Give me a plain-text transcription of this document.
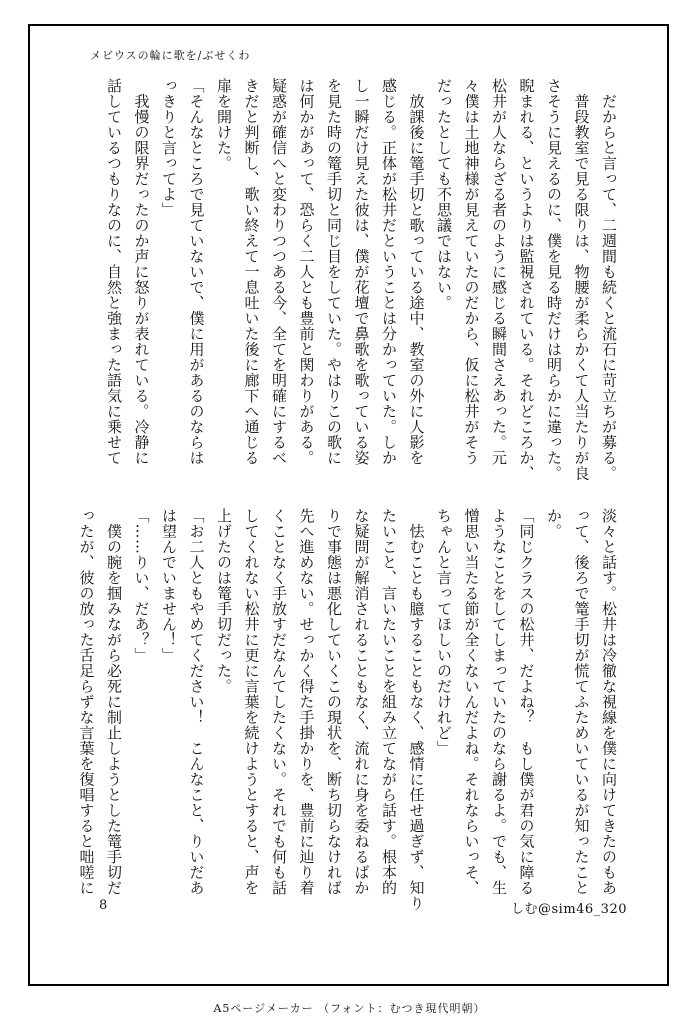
メビウスの輪に歌を/ぶせくわ
　だからと言って、二週間も続くと流石に苛立ちが募る。
　普段教室で見る限りは、物腰が柔らかくて人当たりが良
さそうに見えるのに、僕を見る時だけは明らかに違った。
睨まれる、というよりは監視されている。それどころか、
松井が人ならざる者のように感じる瞬間さえあった。元
々僕は土地神様が見えていたのだから、仮に松井がそう
だったとしても不思議ではない。
　放課後に篭手切と歌っている途中、教室の外に人影を
感じる。正体が松井だということは分かっていた。しか
し一瞬だけ見えた彼は、僕が花壇で鼻歌を歌っている姿
を見た時の篭手切と同じ目をしていた。やはりこの歌に
は何かがあって、恐らく二人とも豊前と関わりがある。
疑惑が確信へと変わりつつある今、全てを明確にするべ
きだと判断し、歌い終えて一息吐いた後に廊下へ通じる
扉を開けた。
「そんなところで見ていないで、僕に用があるのならは
っきりと言ってよ」
　我慢の限界だったのか声に怒りが表れている。冷静に
話しているつもりなのに、自然と強まった語気に乗せて
淡々と話す。松井は冷徹な視線を僕に向けてきたのもあ
って、後ろで篭手切が慌てふためいているが知ったこと
か。
「同じクラスの松井、だよね？　もし僕が君の気に障る
ようなことをしてしまっていたのなら謝るよ。でも、生
憎思い当たる節が全くないんだよね。それならいっそ、
ちゃんと言ってほしいのだけれど」
　怯むことも臆することもなく、感情に任せ過ぎず、知り
たいこと、言いたいことを組み立てながら話す。根本的
な疑問が解消されることもなく、流れに身を委ねるばか
りで事態は悪化していくこの現状を、断ち切らなければ
先へ進めない。せっかく得た手掛かりを、豊前に辿り着
くことなく手放すだなんてしたくない。それでも何も話
してくれない松井に更に言葉を続けようとすると、声を
上げたのは篭手切だった。
「お二人ともやめてください！　こんなこと、りいだあ
は望んでいません！」
「……りい、だあ？」
　僕の腕を掴みながら必死に制止しようとした篭手切だ
ったが、彼の放った舌足らずな言葉を復唱すると咄嗟に
8	しむ@sim46_320
A5ページメーカー （フォント：むつき現代明朝）
